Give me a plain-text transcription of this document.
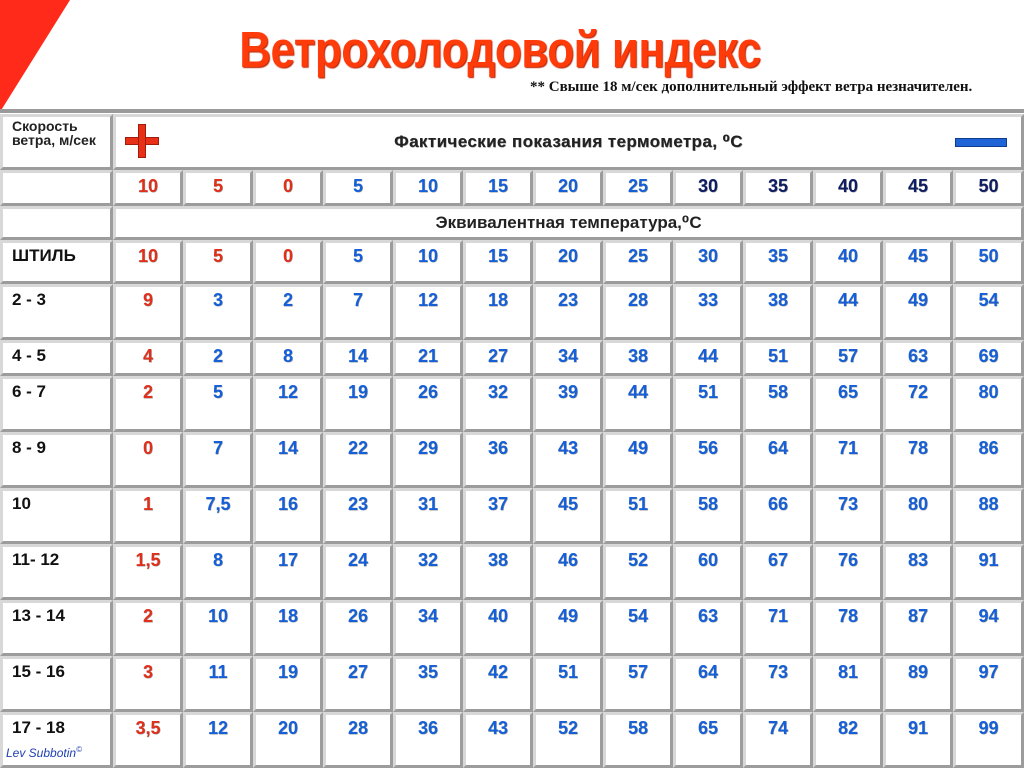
Ветрохолодовой индекс
** Свыше 18 м/сек дополнительный эффект ветра незначителен.
Скорость ветра, м/сек	Фактические показания термометра, ⁰С												

	10	5	0	5	10	15	20	25	30	35	40	45	50
	Эквивалентная температура,⁰С												
ШТИЛЬ	10	5	0	5	10	15	20	25	30	35	40	45	50
2 - 3	9	3	2	7	12	18	23	28	33	38	44	49	54
4 - 5	4	2	8	14	21	27	34	38	44	51	57	63	69
6 - 7	2	5	12	19	26	32	39	44	51	58	65	72	80
8 - 9	0	7	14	22	29	36	43	49	56	64	71	78	86
10	1	7,5	16	23	31	37	45	51	58	66	73	80	88
11- 12	1,5	8	17	24	32	38	46	52	60	67	76	83	91
13 - 14	2	10	18	26	34	40	49	54	63	71	78	87	94
15 - 16	3	11	19	27	35	42	51	57	64	73	81	89	97
17 - 18	3,5	12	20	28	36	43	52	58	65	74	82	91	99
Lev Subbotin©
